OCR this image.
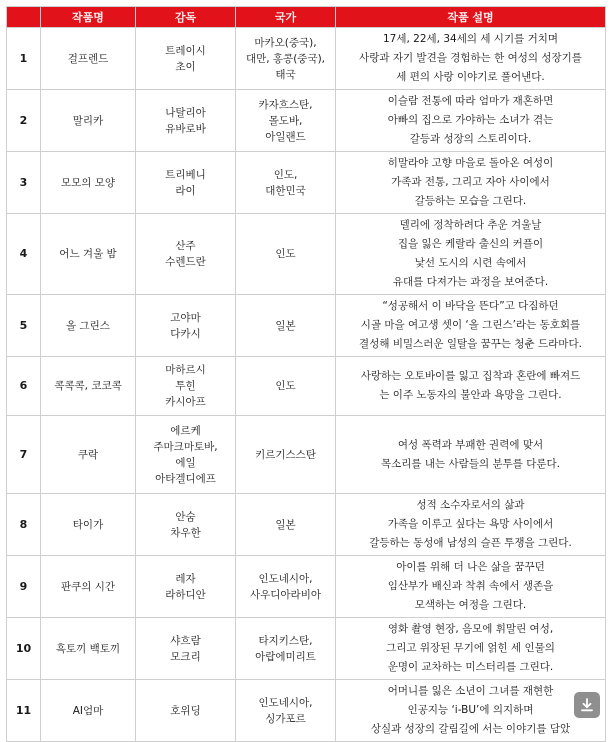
	작품명	감독	국가	작품 설명
1	걸프렌드	트레이시
초이	마카오(중국),
대만, 홍콩(중국),
태국	17세, 22세, 34세의 세 시기를 거치며
사랑과 자기 발견을 경험하는 한 여성의 성장기를
세 편의 사랑 이야기로 풀어낸다.

2	말리카	나탈리아
유바로바	카자흐스탄,
몰도바,
아일랜드	이슬람 전통에 따라 엄마가 재혼하면
아빠의 집으로 가야하는 소녀가 겪는
갈등과 성장의 스토리이다.

3	모모의 모양	트리베니
라이	인도,
대한민국	히말라야 고향 마을로 돌아온 여성이
가족과 전통, 그리고 자아 사이에서
갈등하는 모습을 그린다.

4	어느 겨울 밤	산주
수렌드란	인도	델리에 정착하려다 추운 겨울날
집을 잃은 케랄라 출신의 커플이
낯선 도시의 시련 속에서
유대를 다져가는 과정을 보여준다.

5	올 그린스	고야마
다카시	일본	“성공해서 이 바닥을 뜬다”고 다짐하던
시골 마을 여고생 셋이 ‘올 그린스’라는 동호회를
결성해 비밀스러운 일탈을 꿈꾸는 청춘 드라마다.

6	콕콕콕, 코코콕	마하르시
투힌
카시아프	인도	사랑하는 오토바이를 잃고 집착과 혼란에 빠져드
는 이주 노동자의 불안과 욕망을 그린다.

7	쿠락	에르케
주마크마토바,
에일
아타겔디에프	키르기스스탄	여성 폭력과 부패한 권력에 맞서
목소리를 내는 사람들의 분투를 다룬다.

8	타이가	안숨
차우한	일본	성적 소수자로서의 삶과
가족을 이루고 싶다는 욕망 사이에서
갈등하는 동성애 남성의 슬픈 투쟁을 그린다.

9	판쿠의 시간	레자
라하디안	인도네시아,
사우디아라비아	아이를 위해 더 나은 삶을 꿈꾸던
임산부가 배신과 착취 속에서 생존을
모색하는 여정을 그린다.

10	흑토끼 백토끼	샤흐람
모크리	타지키스탄,
아랍에미리트	영화 촬영 현장, 음모에 휘말린 여성,
그리고 위장된 무기에 얽힌 세 인물의
운명이 교차하는 미스터리를 그린다.

11	AI엄마	호위딩	인도네시아,
싱가포르	어머니를 잃은 소년이 그녀를 재현한
인공지능 ‘i-BU’에 의지하며
상실과 성장의 갈림길에 서는 이야기를 담았
